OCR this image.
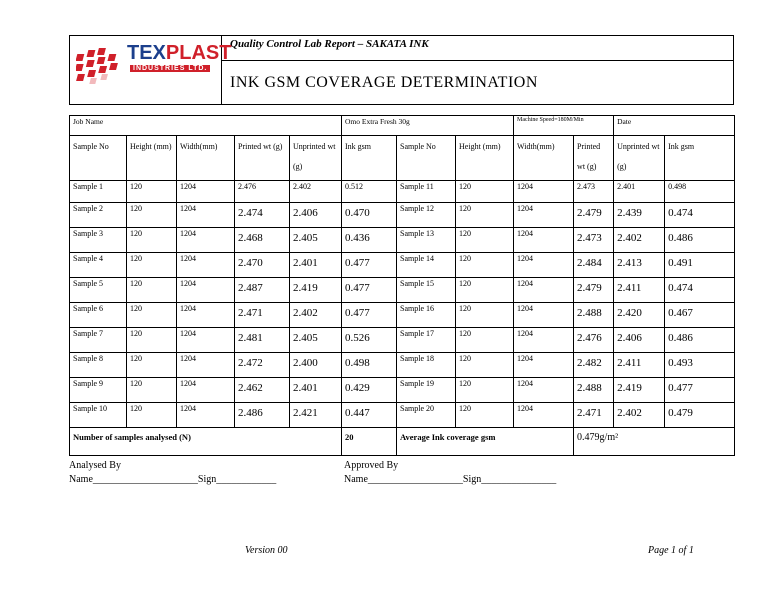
TEXPLAST
INDUSTRIES LTD.
	Quality Control Lab Report – SAKATA INK
INK GSM COVERAGE DETERMINATION
Job Name					Omo Extra Fresh 30g			Machine Speed=180M/Min		Date	
Sample No	Height (mm)	Width(mm)	Printed wt (g)	Unprinted wt (g)	Ink gsm	Sample No	Height (mm)	Width(mm)	Printed wt (g)	Unprinted wt (g)	Ink gsm
Sample 1	120	1204	2.476	2.402	0.512	Sample 11	120	1204	2.473	2.401	0.498
Sample 2	120	1204	2.474	2.406	0.470	Sample 12	120	1204	2.479	2.439	0.474
Sample 3	120	1204	2.468	2.405	0.436	Sample 13	120	1204	2.473	2.402	0.486
Sample 4	120	1204	2.470	2.401	0.477	Sample 14	120	1204	2.484	2.413	0.491
Sample 5	120	1204	2.487	2.419	0.477	Sample 15	120	1204	2.479	2.411	0.474
Sample 6	120	1204	2.471	2.402	0.477	Sample 16	120	1204	2.488	2.420	0.467
Sample 7	120	1204	2.481	2.405	0.526	Sample 17	120	1204	2.476	2.406	0.486
Sample 8	120	1204	2.472	2.400	0.498	Sample 18	120	1204	2.482	2.411	0.493
Sample 9	120	1204	2.462	2.401	0.429	Sample 19	120	1204	2.488	2.419	0.477
Sample 10	120	1204	2.486	2.421	0.447	Sample 20	120	1204	2.471	2.402	0.479
Number of samples analysed (N)					20	Average Ink coverage gsm			0.479g/m²		
Analysed By
Name_____________________Sign____________
Approved By
Name___________________Sign_______________
Version 00	Page 1 of 1
